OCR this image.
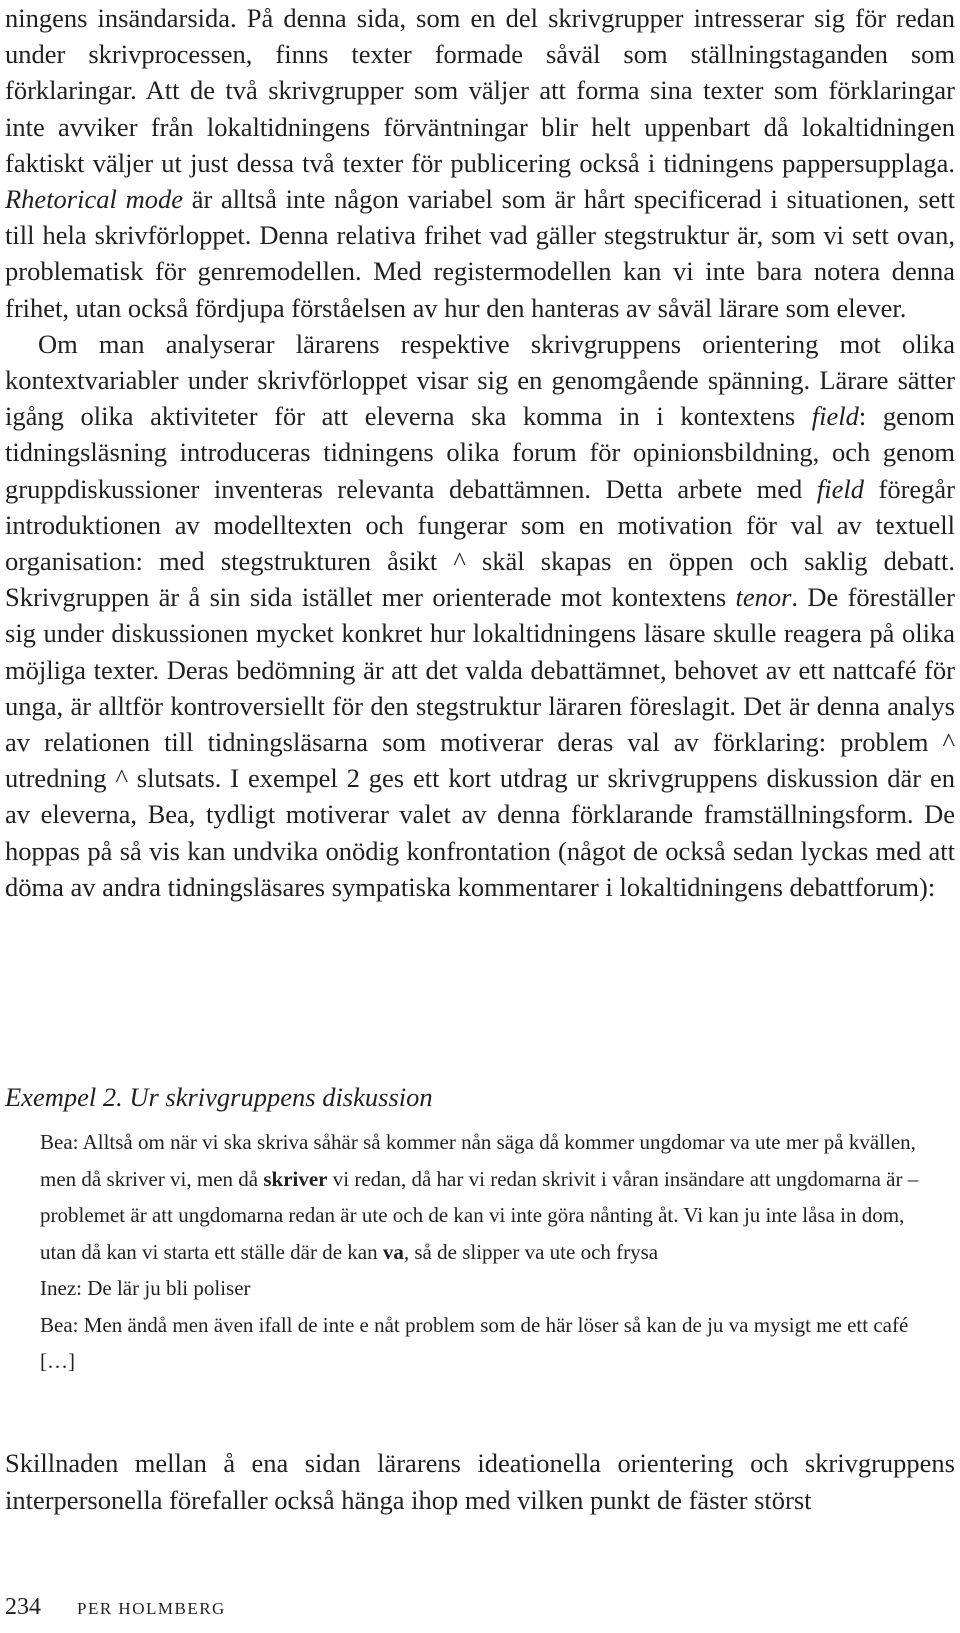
ningens insändarsida. På denna sida, som en del skrivgrupper intresserar sig för redan under skrivprocessen, finns texter formade såväl som ställningstaganden som förklaringar. Att de två skrivgrupper som väljer att forma sina texter som förklaringar inte avviker från lokaltidningens förväntningar blir helt uppenbart då lokaltidningen faktiskt väljer ut just dessa två texter för publicering också i tidningens pappersupplaga. Rhetorical mode är alltså inte någon variabel som är hårt specificerad i situationen, sett till hela skrivförloppet. Denna relativa frihet vad gäller stegstruktur är, som vi sett ovan, problematisk för genremodellen. Med registermodellen kan vi inte bara notera denna frihet, utan också fördjupa förståelsen av hur den hanteras av såväl lärare som elever.

Om man analyserar lärarens respektive skrivgruppens orientering mot olika kontextvariabler under skrivförloppet visar sig en genomgående spänning. Lärare sätter igång olika aktiviteter för att eleverna ska komma in i kontextens field: genom tidningsläsning introduceras tidningens olika forum för opinionsbildning, och genom gruppdiskussioner inventeras relevanta debattämnen. Detta arbete med field föregår introduktionen av modelltexten och fungerar som en motivation för val av textuell organisation: med stegstrukturen åsikt ^ skäl skapas en öppen och saklig debatt. Skrivgruppen är å sin sida istället mer orienterade mot kontextens tenor. De föreställer sig under diskussionen mycket konkret hur lokaltidningens läsare skulle reagera på olika möjliga texter. Deras bedömning är att det valda debattämnet, behovet av ett nattcafé för unga, är alltför kontroversiellt för den stegstruktur läraren föreslagit. Det är denna analys av relationen till tidningsläsarna som motiverar deras val av förklaring: problem ^ utredning ^ slutsats. I exempel 2 ges ett kort utdrag ur skrivgruppens diskussion där en av eleverna, Bea, tydligt motiverar valet av denna förklarande framställningsform. De hoppas på så vis kan undvika onödig konfrontation (något de också sedan lyckas med att döma av andra tidningsläsares sympatiska kommentarer i lokaltidningens debattforum):

Exempel 2. Ur skrivgruppens diskussion

Bea: Alltså om när vi ska skriva såhär så kommer nån säga då kommer ungdomar va ute mer på kvällen, men då skriver vi, men då skriver vi redan, då har vi redan skrivit i våran insändare att ungdomarna är – problemet är att ungdomarna redan är ute och de kan vi inte göra nånting åt. Vi kan ju inte låsa in dom, utan då kan vi starta ett ställe där de kan va, så de slipper va ute och frysa

Inez: De lär ju bli poliser

Bea: Men ändå men även ifall de inte e nåt problem som de här löser så kan de ju va mysigt me ett café […]

Skillnaden mellan å ena sidan lärarens ideationella orientering och skrivgruppens interpersonella förefaller också hänga ihop med vilken punkt de fäster störst
234 PER HOLMBERG
